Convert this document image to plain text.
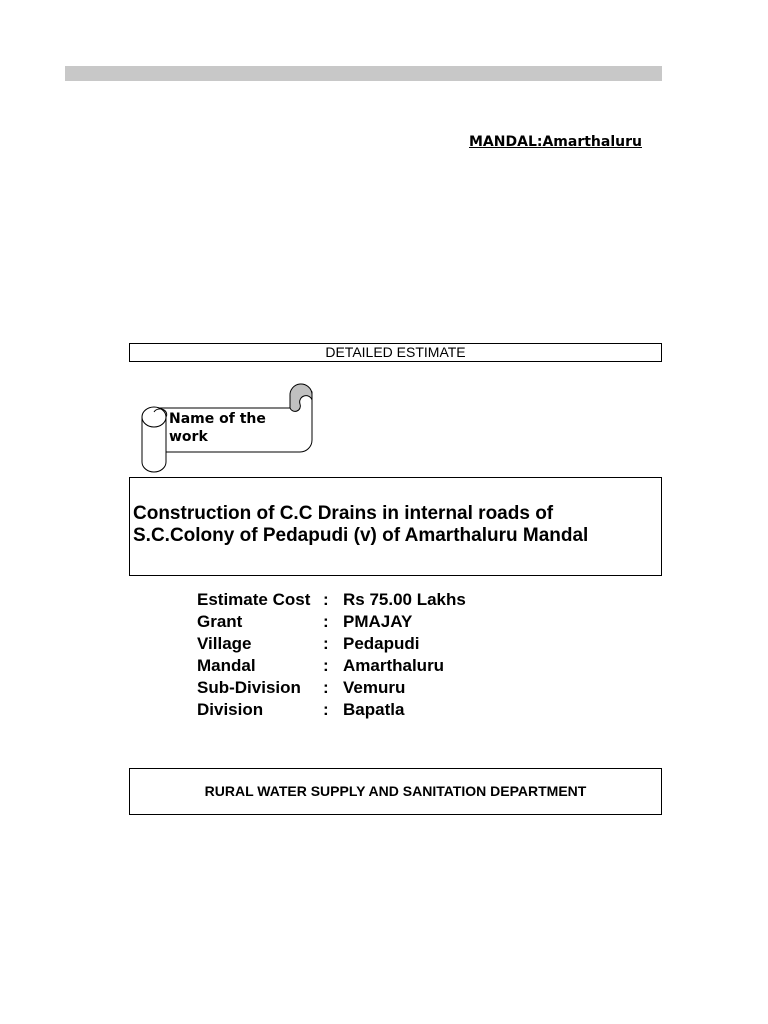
MANDAL:Amarthaluru
DETAILED ESTIMATE
Name of the work
Construction of C.C Drains in internal roads of
S.C.Colony of Pedapudi (v) of Amarthaluru Mandal
Estimate Cost : Rs 75.00 Lakhs
Grant	: PMAJAY
Village	: Pedapudi
Mandal	: Amarthaluru
Sub-Division : Vemuru
Division	: Bapatla
RURAL WATER SUPPLY AND SANITATION DEPARTMENT
